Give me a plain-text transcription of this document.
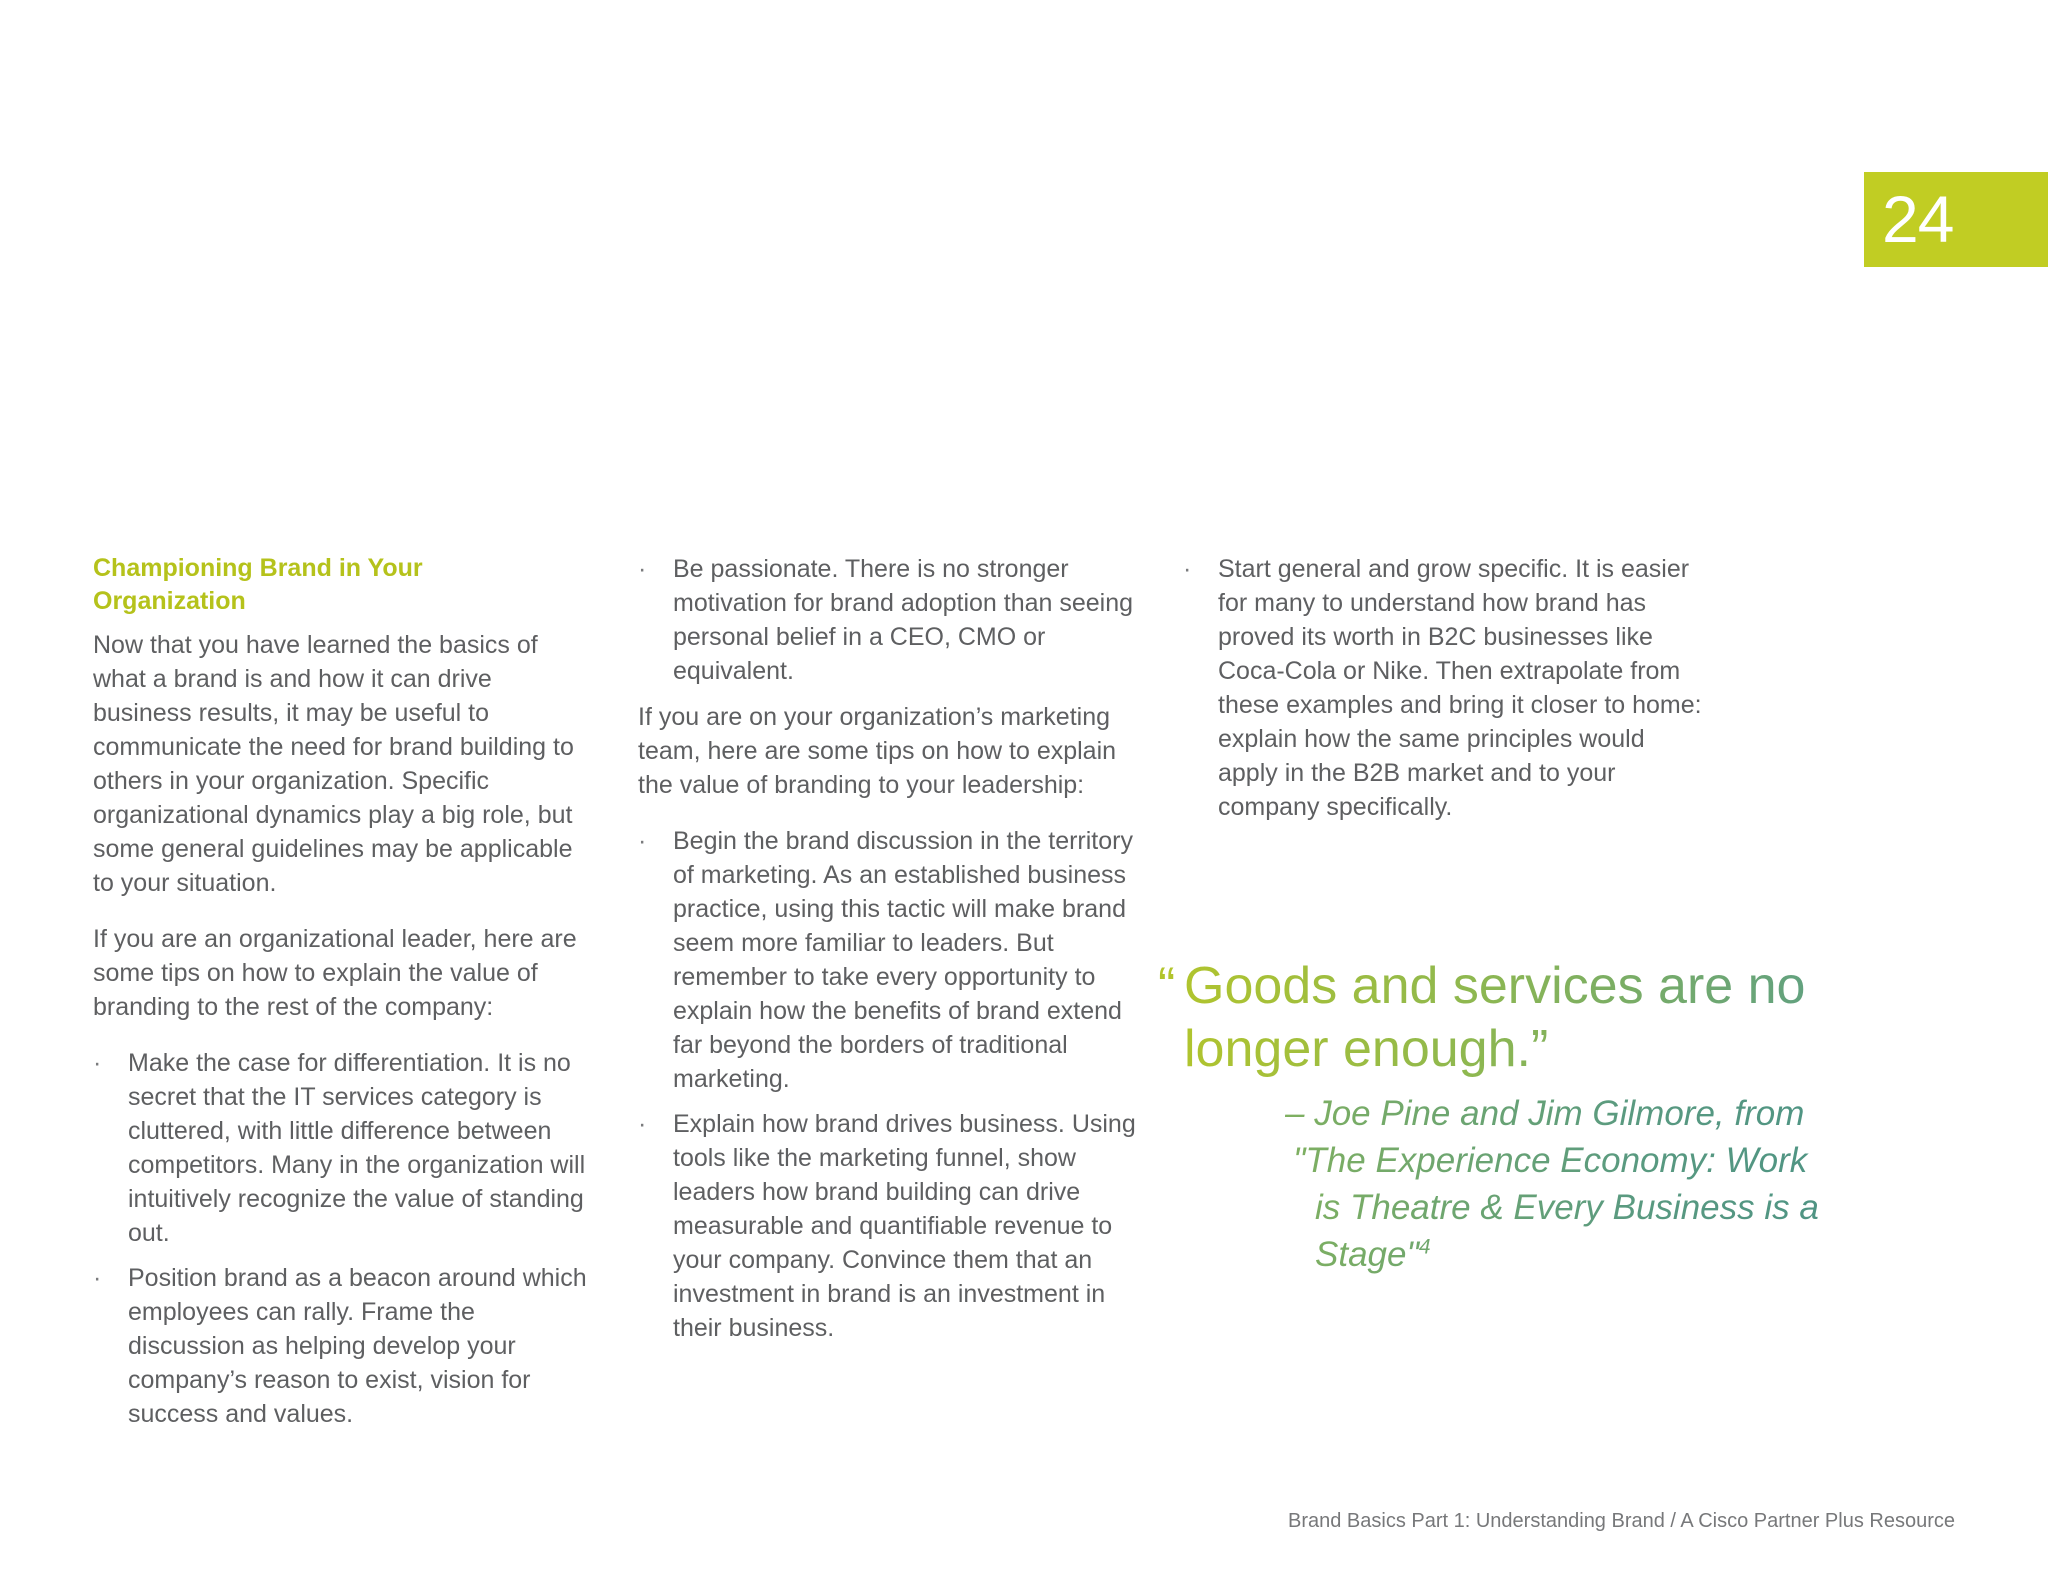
24
Championing Brand in Your Organization

Now that you have learned the basics of what a brand is and how it can drive business results, it may be useful to communicate the need for brand building to others in your organization. Specific organizational dynamics play a big role, but some general guidelines may be applicable to your situation.

If you are an organizational leader, here are some tips on how to explain the value of branding to the rest of the company:

· Make the case for differentiation. It is no secret that the IT services category is cluttered, with little difference between competitors. Many in the organization will intuitively recognize the value of standing out.
· Position brand as a beacon around which employees can rally. Frame the discussion as helping develop your company’s reason to exist, vision for success and values.
· Be passionate. There is no stronger motivation for brand adoption than seeing personal belief in a CEO, CMO or equivalent.

If you are on your organization’s marketing team, here are some tips on how to explain the value of branding to your leadership:

· Begin the brand discussion in the territory of marketing. As an established business practice, using this tactic will make brand seem more familiar to leaders. But remember to take every opportunity to explain how the benefits of brand extend far beyond the borders of traditional marketing.
· Explain how brand drives business. Using tools like the marketing funnel, show leaders how brand building can drive measurable and quantifiable revenue to your company. Convince them that an investment in brand is an investment in their business.
· Start general and grow specific. It is easier for many to understand how brand has proved its worth in B2C businesses like Coca-Cola or Nike. Then extrapolate from these examples and bring it closer to home: explain how the same principles would apply in the B2B market and to your company specifically.
“ Goods and services are no
longer enough.”
– Joe Pine and Jim Gilmore, from
"The Experience Economy: Work
is Theatre & Every Business is a
Stage"$^4$
Brand Basics Part 1: Understanding Brand / A Cisco Partner Plus Resource
